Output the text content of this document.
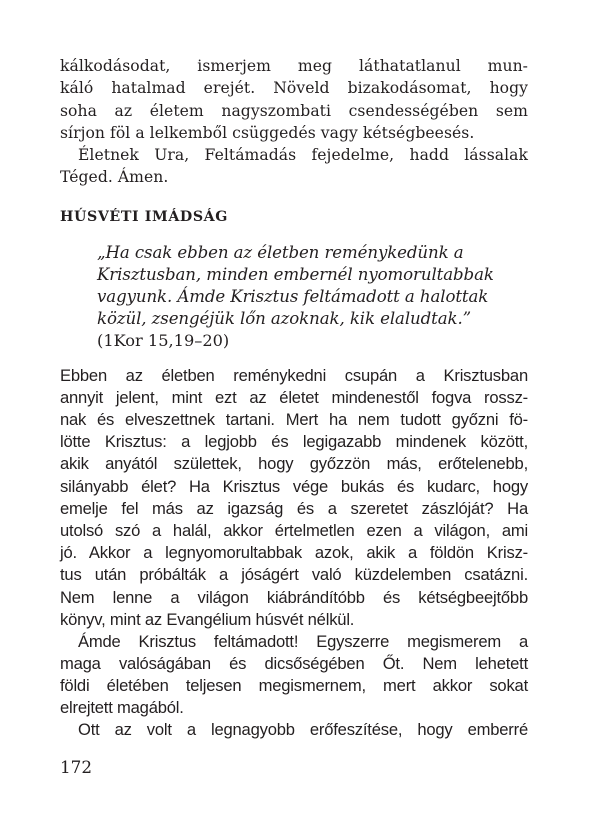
kálkodásodat, ismerjem meg láthatatlanul mun-
káló hatalmad erejét. Növeld bizakodásomat, hogy
soha az életem nagyszombati csendességében sem
sírjon föl a lelkemből csüggedés vagy kétségbeesés.
Életnek Ura, Feltámadás fejedelme, hadd lássalak
Téged. Ámen.
HÚSVÉTI IMÁDSÁG
„Ha csak ebben az életben reménykedünk a
Krisztusban, minden embernél nyomorultabbak
vagyunk. Ámde Krisztus feltámadott a halottak
közül, zsengéjük lőn azoknak, kik elaludtak.”
(1Kor 15,19–20)
Ebben az életben reménykedni csupán a Krisztusban
annyit jelent, mint ezt az életet mindenestől fogva rossz-
nak és elveszettnek tartani. Mert ha nem tudott győzni fö-
lötte Krisztus: a legjobb és legigazabb mindenek között,
akik anyától születtek, hogy győzzön más, erőtelenebb,
silányabb élet? Ha Krisztus vége bukás és kudarc, hogy
emelje fel más az igazság és a szeretet zászlóját? Ha
utolsó szó a halál, akkor értelmetlen ezen a világon, ami
jó. Akkor a legnyomorultabbak azok, akik a földön Krisz-
tus után próbálták a jóságért való küzdelemben csatázni.
Nem lenne a világon kiábrándítóbb és kétségbeejtőbb
könyv, mint az Evangélium húsvét nélkül.
Ámde Krisztus feltámadott! Egyszerre megismerem a
maga valóságában és dicsőségében Őt. Nem lehetett
földi életében teljesen megismernem, mert akkor sokat
elrejtett magából.
Ott az volt a legnagyobb erőfeszítése, hogy emberré
172
